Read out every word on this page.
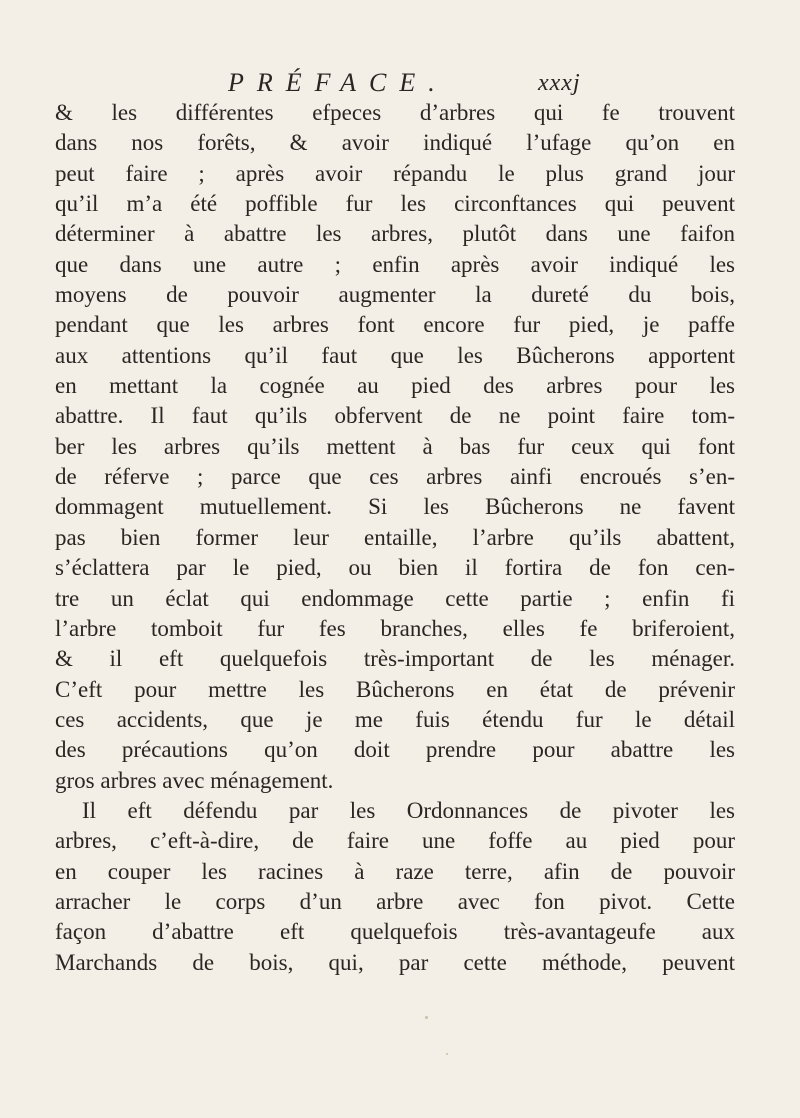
PRÉFACE.	xxxj
& les différentes efpeces d’arbres qui fe trouvent
dans nos forêts, & avoir indiqué l’ufage qu’on en
peut faire ; après avoir répandu le plus grand jour
qu’il m’a été poffible fur les circonftances qui peuvent
déterminer à abattre les arbres, plutôt dans une faifon
que dans une autre ; enfin après avoir indiqué les
moyens de pouvoir augmenter la dureté du bois,
pendant que les arbres font encore fur pied, je paffe
aux attentions qu’il faut que les Bûcherons apportent
en mettant la cognée au pied des arbres pour les
abattre. Il faut qu’ils obfervent de ne point faire tom-
ber les arbres qu’ils mettent à bas fur ceux qui font
de réferve ; parce que ces arbres ainfi encroués s’en-
dommagent mutuellement. Si les Bûcherons ne favent
pas bien former leur entaille, l’arbre qu’ils abattent,
s’éclattera par le pied, ou bien il fortira de fon cen-
tre un éclat qui endommage cette partie ; enfin fi
l’arbre tomboit fur fes branches, elles fe briferoient,
& il eft quelquefois très-important de les ménager.
C’eft pour mettre les Bûcherons en état de prévenir
ces accidents, que je me fuis étendu fur le détail
des précautions qu’on doit prendre pour abattre les
gros arbres avec ménagement.
Il eft défendu par les Ordonnances de pivoter les
arbres, c’eft-à-dire, de faire une foffe au pied pour
en couper les racines à raze terre, afin de pouvoir
arracher le corps d’un arbre avec fon pivot. Cette
façon d’abattre eft quelquefois très-avantageufe aux
Marchands de bois, qui, par cette méthode, peuvent
